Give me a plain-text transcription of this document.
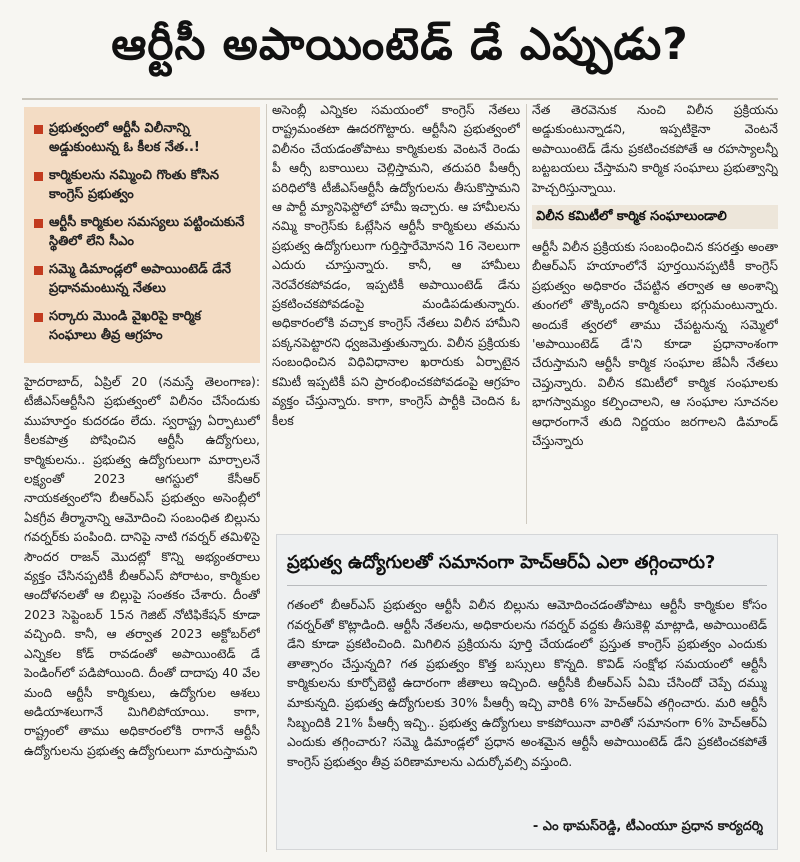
ఆర్టీసీ అపాయింటెడ్ డే ఎప్పుడు?
ప్రభుత్వంలో ఆర్టీసీ విలీనాన్ని అడ్డుకుంటున్న ఓ కీలక నేత..!
కార్మికులను నమ్మించి గొంతు కోసిన కాంగ్రెస్ ప్రభుత్వం
ఆర్టీసీ కార్మికుల సమస్యలు పట్టించుకునే స్థితిలో లేని సీఎం
సమ్మె డిమాండ్లలో అపాయింటెడ్ డేనే ప్రధానమంటున్న నేతలు
సర్కారు మొండి వైఖరిపై కార్మిక సంఘాలు తీవ్ర ఆగ్రహం

హైదరాబాద్, ఏప్రిల్ 20 (నమస్తే తెలంగాణ): టీజీఎస్ఆర్టీసీని ప్రభుత్వంలో విలీనం చేసేందుకు ముహూర్తం కుదరడం లేదు. స్వరాష్ట్ర ఏర్పాటులో కీలకపాత్ర పోషించిన ఆర్టీసీ ఉద్యోగులు, కార్మికులను.. ప్రభుత్వ ఉద్యోగులుగా మార్చాలనే లక్ష్యంతో 2023 ఆగస్టులో కేసీఆర్ నాయకత్వంలోని బీఆర్ఎస్ ప్రభుత్వం అసెంబ్లీలో ఏకగ్రీవ తీర్మానాన్ని ఆమోదించి సంబంధిత బిల్లును గవర్నర్‌కు పంపింది. దానిపై నాటి గవర్నర్ తమిళిసై సౌందర రాజన్ మొదట్లో కొన్ని అభ్యంతరాలు వ్యక్తం చేసినప్పటికీ బీఆర్ఎస్ పోరాటం, కార్మికుల ఆందోళనలతో ఆ బిల్లుపై సంతకం చేశారు. దీంతో 2023 సెప్టెంబర్ 15న గెజిట్ నోటిఫికేషన్ కూడా వచ్చింది. కానీ, ఆ తర్వాత 2023 అక్టోబర్‌లో ఎన్నికల కోడ్ రావడంతో అపాయింటెడ్ డే పెండింగ్‌లో పడిపోయింది. దీంతో దాదాపు 40 వేల మంది ఆర్టీసీ కార్మికులు, ఉద్యోగుల ఆశలు అడియాశలుగానే మిగిలిపోయాయి. కాగా, రాష్ట్రంలో తాము అధికారంలోకి రాగానే ఆర్టీసీ ఉద్యోగులను ప్రభుత్వ ఉద్యోగులుగా మారుస్తామని

అసెంబ్లీ ఎన్నికల సమయంలో కాంగ్రెస్ నేతలు రాష్ట్రమంతటా ఊదరగొట్టారు. ఆర్టీసీని ప్రభుత్వంలో విలీనం చేయడంతోపాటు కార్మికులకు వెంటనే రెండు పీ ఆర్సీ బకాయిలు చెల్లిస్తామని, తదుపరి పీఆర్సీ పరిధిలోకి టీజీఎస్ఆర్టీసీ ఉద్యోగులను తీసుకొస్తామని ఆ పార్టీ మ్యానిఫెస్టోలో హామీ ఇచ్చారు. ఆ హామీలను నమ్మి కాంగ్రెస్‌కు ఓట్లేసిన ఆర్టీసీ కార్మికులు తమను ప్రభుత్వ ఉద్యోగులుగా గుర్తిస్తారేమోనని 16 నెలలుగా ఎదురు చూస్తున్నారు. కానీ, ఆ హామీలు నెరవేరకపోవడం, ఇప్పటికీ అపాయింటెడ్ డేను ప్రకటించకపోవడంపై మండిపడుతున్నారు. అధికారంలోకి వచ్చాక కాంగ్రెస్ నేతలు విలీన హామీని పక్కనపెట్టారని ధ్వజమెత్తుతున్నారు. విలీన ప్రక్రియకు సంబంధించిన విధివిధానాల ఖరారుకు ఏర్పాటైన కమిటీ ఇప్పటికీ పని ప్రారంభించకపోవడంపై ఆగ్రహం వ్యక్తం చేస్తున్నారు. కాగా, కాంగ్రెస్ పార్టీకి చెందిన ఓ కీలక

నేత తెరవెనుక నుంచి విలీన ప్రక్రియను అడ్డుకుంటున్నాడని, ఇప్పటికైనా వెంటనే అపాయింటెడ్ డేను ప్రకటించకపోతే ఆ రహస్యాలన్నీ బట్టబయలు చేస్తామని కార్మిక సంఘాలు ప్రభుత్వాన్ని హెచ్చరిస్తున్నాయి.

విలీన కమిటీలో కార్మిక సంఘాలుండాలి

ఆర్టీసీ విలీన ప్రక్రియకు సంబంధించిన కసరత్తు అంతా బీఆర్ఎస్ హయాంలోనే పూర్తయినప్పటికీ కాంగ్రెస్ ప్రభుత్వం అధికారం చేపట్టిన తర్వాత ఆ అంశాన్ని తుంగలో తొక్కిందని కార్మికులు భగ్గుమంటున్నారు. అందుకే త్వరలో తాము చేపట్టనున్న సమ్మెలో 'అపాయింటెడ్ డే'ని కూడా ప్రధానాంశంగా చేరుస్తామని ఆర్టీసీ కార్మిక సంఘాల జేఏసీ నేతలు చెప్తున్నారు. విలీన కమిటీలో కార్మిక సంఘాలకు భాగస్వామ్యం కల్పించాలని, ఆ సంఘాల సూచనల ఆధారంగానే తుది నిర్ణయం జరగాలని డిమాండ్ చేస్తున్నారు

ప్రభుత్వ ఉద్యోగులతో సమానంగా హెచ్‌ఆర్‌ఏ ఎలా తగ్గించారు?
గతంలో బీఆర్ఎస్ ప్రభుత్వం ఆర్టీసీ విలీన బిల్లును ఆమోదించడంతోపాటు ఆర్టీసీ కార్మికుల కోసం గవర్నర్‌తో కొట్లాడింది. ఆర్టీసీ నేతలను, అధికారులను గవర్నర్ వద్దకు తీసుకెళ్లి మాట్లాడి, అపాయింటెడ్ డేని కూడా ప్రకటించింది. మిగిలిన ప్రక్రియను పూర్తి చేయడంలో ప్రస్తుత కాంగ్రెస్ ప్రభుత్వం ఎందుకు తాత్సారం చేస్తున్నది? గత ప్రభుత్వం కొత్త బస్సులు కొన్నది. కొవిడ్ సంక్షోభ సమయంలో ఆర్టీసీ కార్మికులను కూర్చోబెట్టి ఉదారంగా జీతాలు ఇచ్చింది. ఆర్టీసీకి బీఆర్ఎస్ ఏమి చేసిందో చెప్పే దమ్ము మాకున్నది. ప్రభుత్వ ఉద్యోగులకు 30% పీఆర్సీ ఇచ్చి వారికి 6% హెచ్‌ఆర్‌ఏ తగ్గించారు. మరి ఆర్టీసీ సిబ్బందికి 21% పీఆర్సీ ఇచ్చి.. ప్రభుత్వ ఉద్యోగులు కాకపోయినా వారితో సమానంగా 6% హెచ్‌ఆర్‌ఏ ఎందుకు తగ్గించారు? సమ్మె డిమాండ్లలో ప్రధాన అంశమైన ఆర్టీసీ అపాయింటెడ్ డేని ప్రకటించకపోతే కాంగ్రెస్ ప్రభుత్వం తీవ్ర పరిణామాలను ఎదుర్కోవల్సి వస్తుంది.
- ఎం థామస్‌రెడ్డి, టీఎంయూ ప్రధాన కార్యదర్శి
